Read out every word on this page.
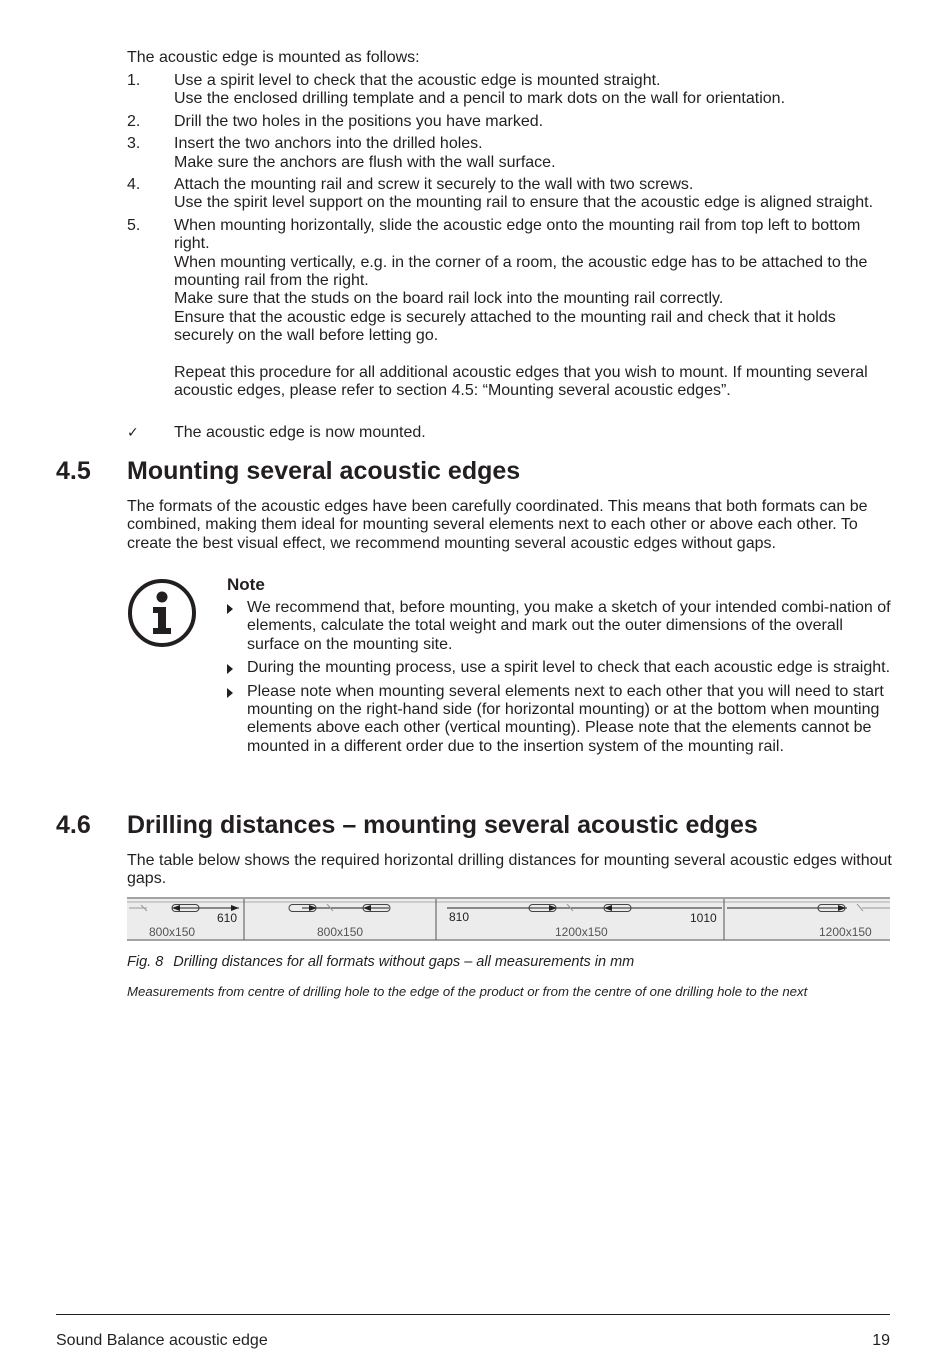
The acoustic edge is mounted as follows:
1. Use a spirit level to check that the acoustic edge is mounted straight.
Use the enclosed drilling template and a pencil to mark dots on the wall for orientation.
2. Drill the two holes in the positions you have marked.
3. Insert the two anchors into the drilled holes.
Make sure the anchors are flush with the wall surface.
4. Attach the mounting rail and screw it securely to the wall with two screws.
Use the spirit level support on the mounting rail to ensure that the acoustic edge is aligned straight.
5. When mounting horizontally, slide the acoustic edge onto the mounting rail from top left to bottom right.
When mounting vertically, e.g. in the corner of a room, the acoustic edge has to be attached to the mounting rail from the right.
Make sure that the studs on the board rail lock into the mounting rail correctly.
Ensure that the acoustic edge is securely attached to the mounting rail and check that it holds securely on the wall before letting go.
Repeat this procedure for all additional acoustic edges that you wish to mount. If mounting several acoustic edges, please refer to section 4.5: “Mounting several acoustic edges”.
✓ The acoustic edge is now mounted.
4.5 Mounting several acoustic edges
The formats of the acoustic edges have been carefully coordinated. This means that both formats can be combined, making them ideal for mounting several elements next to each other or above each other. To create the best visual effect, we recommend mounting several acoustic edges without gaps.
Note
We recommend that, before mounting, you make a sketch of your intended combi-nation of elements, calculate the total weight and mark out the outer dimensions of the overall surface on the mounting site.
During the mounting process, use a spirit level to check that each acoustic edge is straight.
Please note when mounting several elements next to each other that you will need to start mounting on the right-hand side (for horizontal mounting) or at the bottom when mounting elements above each other (vertical mounting). Please note that the elements cannot be mounted in a different order due to the insertion system of the mounting rail.
4.6 Drilling distances – mounting several acoustic edges
The table below shows the required horizontal drilling distances for mounting several acoustic edges without gaps.
610	810	1010
800x150	800x150	1200x150	1200x150
Fig. 8 Drilling distances for all formats without gaps – all measurements in mm
Measurements from centre of drilling hole to the edge of the product or from the centre of one drilling hole to the next
Sound Balance acoustic edge	19
